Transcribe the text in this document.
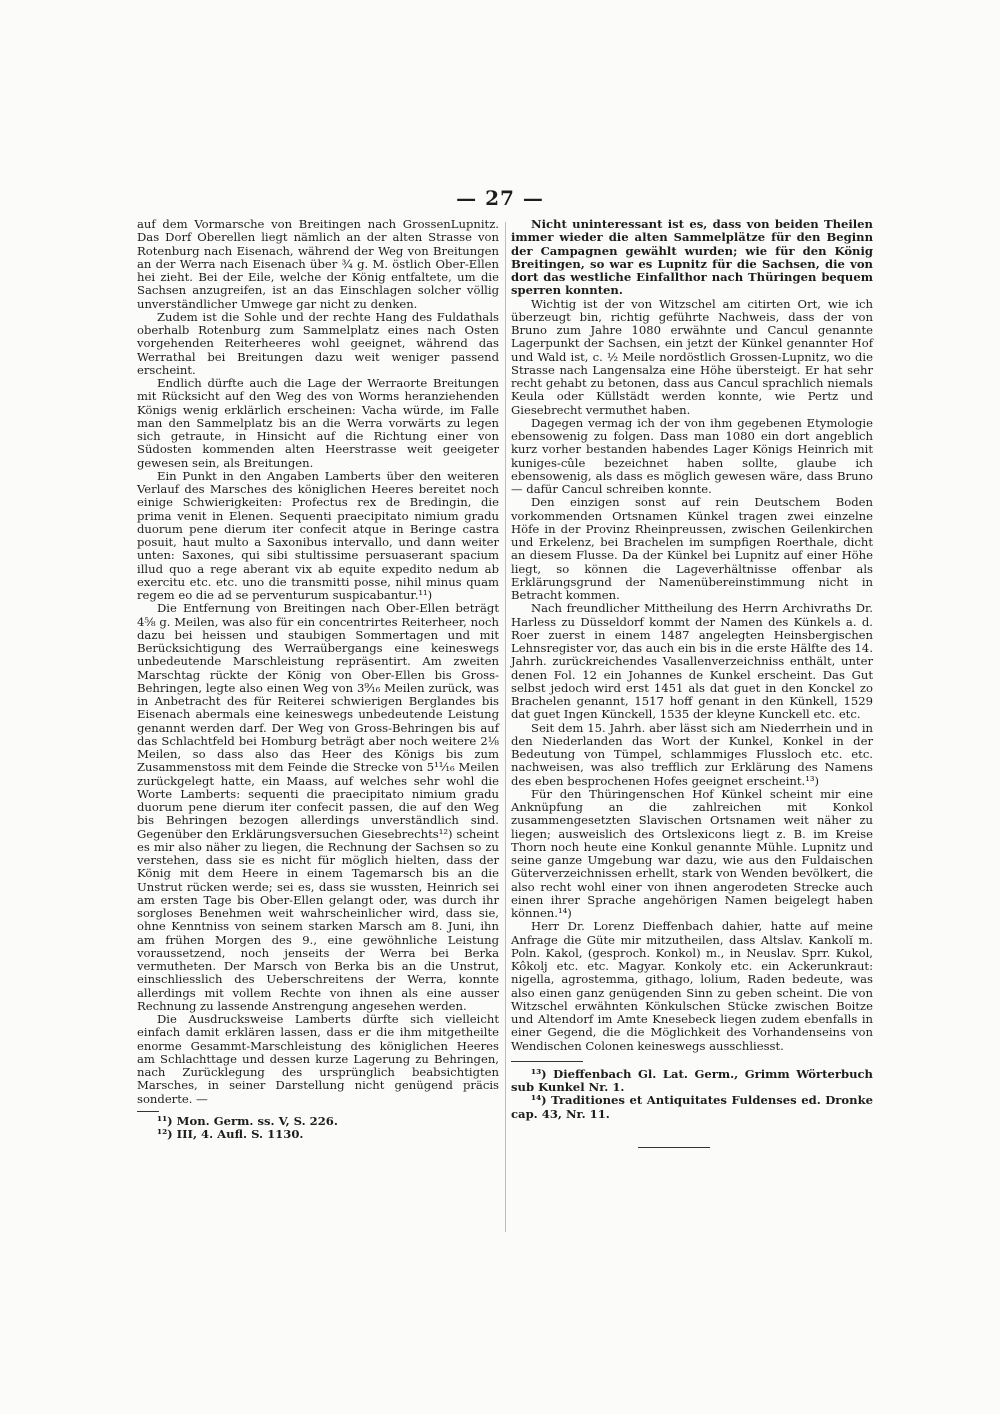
— 27 —

auf dem Vormarsche von Breitingen nach GrossenLupnitz. Das Dorf Oberellen liegt nämlich an der alten Strasse von Rotenburg nach Eisenach, während der Weg von Breitungen an der Werra nach Eisenach über ¾ g. M. östlich Ober-Ellen hei zieht. Bei der Eile, welche der König entfaltete, um die Sachsen anzugreifen, ist an das Einschlagen solcher völlig unverständlicher Umwege gar nicht zu denken.

Zudem ist die Sohle und der rechte Hang des Fuldathals oberhalb Rotenburg zum Sammelplatz eines nach Osten vorgehenden Reiterheeres wohl geeignet, während das Werrathal bei Breitungen dazu weit weniger passend erscheint.

Endlich dürfte auch die Lage der Werraorte Breitungen mit Rücksicht auf den Weg des von Worms heranziehenden Königs wenig erklärlich erscheinen: Vacha würde, im Falle man den Sammelplatz bis an die Werra vorwärts zu legen sich getraute, in Hinsicht auf die Richtung einer von Südosten kommenden alten Heerstrasse weit geeigeter gewesen sein, als Breitungen.

Ein Punkt in den Angaben Lamberts über den weiteren Verlauf des Marsches des königlichen Heeres bereitet noch einige Schwierigkeiten: Profectus rex de Bredingin, die prima venit in Elenen. Sequenti praecipitato nimium gradu duorum pene dierum iter confecit atque in Beringe castra posuit, haut multo a Saxonibus intervallo, und dann weiter unten: Saxones, qui sibi stultissime persuaserant spacium illud quo a rege aberant vix ab equite expedito nedum ab exercitu etc. etc. uno die transmitti posse, nihil minus quam regem eo die ad se perventurum suspicabantur.¹¹)

Die Entfernung von Breitingen nach Ober-Ellen beträgt 4⅝ g. Meilen, was also für ein concentrirtes Reiterheer, noch dazu bei heissen und staubigen Sommertagen und mit Berücksichtigung des Werraübergangs eine keineswegs unbedeutende Marschleistung repräsentirt. Am zweiten Marschtag rückte der König von Ober-Ellen bis Gross-Behringen, legte also einen Weg von 3⁹⁄₁₆ Meilen zurück, was in Anbetracht des für Reiterei schwierigen Berglandes bis Eisenach abermals eine keineswegs unbedeutende Leistung genannt werden darf. Der Weg von Gross-Behringen bis auf das Schlachtfeld bei Homburg beträgt aber noch weitere 2⅛ Meilen, so dass also das Heer des Königs bis zum Zusammenstoss mit dem Feinde die Strecke von 5¹¹⁄₁₆ Meilen zurückgelegt hatte, ein Maass, auf welches sehr wohl die Worte Lamberts: sequenti die praecipitato nimium gradu duorum pene dierum iter confecit passen, die auf den Weg bis Behringen bezogen allerdings unverständlich sind. Gegenüber den Erklärungsversuchen Giesebrechts¹²) scheint es mir also näher zu liegen, die Rechnung der Sachsen so zu verstehen, dass sie es nicht für möglich hielten, dass der König mit dem Heere in einem Tagemarsch bis an die Unstrut rücken werde; sei es, dass sie wussten, Heinrich sei am ersten Tage bis Ober-Ellen gelangt oder, was durch ihr sorgloses Benehmen weit wahrscheinlicher wird, dass sie, ohne Kenntniss von seinem starken Marsch am 8. Juni, ihn am frühen Morgen des 9., eine gewöhnliche Leistung voraussetzend, noch jenseits der Werra bei Berka vermutheten. Der Marsch von Berka bis an die Unstrut, einschliesslich des Ueberschreitens der Werra, konnte allerdings mit vollem Rechte von ihnen als eine ausser Rechnung zu lassende Anstrengung angesehen werden.

Die Ausdrucksweise Lamberts dürfte sich vielleicht einfach damit erklären lassen, dass er die ihm mitgetheilte enorme Gesammt-Marschleistung des königlichen Heeres am Schlachttage und dessen kurze Lagerung zu Behringen, nach Zurücklegung des ursprünglich beabsichtigten Marsches, in seiner Darstellung nicht genügend präcis sonderte. —

¹¹) Mon. Germ. ss. V, S. 226.

¹²) III, 4. Aufl. S. 1130.

Nicht uninteressant ist es, dass von beiden Theilen immer wieder die alten Sammelplätze für den Beginn der Campagnen gewählt wurden; wie für den König Breitingen, so war es Lupnitz für die Sachsen, die von dort das westliche Einfallthor nach Thüringen bequem sperren konnten.

Wichtig ist der von Witzschel am citirten Ort, wie ich überzeugt bin, richtig geführte Nachweis, dass der von Bruno zum Jahre 1080 erwähnte und Cancul genannte Lagerpunkt der Sachsen, ein jetzt der Künkel genannter Hof und Wald ist, c. ½ Meile nordöstlich Grossen-Lupnitz, wo die Strasse nach Langensalza eine Höhe übersteigt. Er hat sehr recht gehabt zu betonen, dass aus Cancul sprachlich niemals Keula oder Küllstädt werden konnte, wie Pertz und Giesebrecht vermuthet haben.

Dagegen vermag ich der von ihm gegebenen Etymologie ebensowenig zu folgen. Dass man 1080 ein dort angeblich kurz vorher bestanden habendes Lager Königs Heinrich mit kuniges-cûle bezeichnet haben sollte, glaube ich ebensowenig, als dass es möglich gewesen wäre, dass Bruno — dafür Cancul schreiben konnte.

Den einzigen sonst auf rein Deutschem Boden vorkommenden Ortsnamen Künkel tragen zwei einzelne Höfe in der Provinz Rheinpreussen, zwischen Geilenkirchen und Erkelenz, bei Brachelen im sumpfigen Roerthale, dicht an diesem Flusse. Da der Künkel bei Lupnitz auf einer Höhe liegt, so können die Lageverhältnisse offenbar als Erklärungsgrund der Namenübereinstimmung nicht in Betracht kommen.

Nach freundlicher Mittheilung des Herrn Archivraths Dr. Harless zu Düsseldorf kommt der Namen des Künkels a. d. Roer zuerst in einem 1487 angelegten Heinsbergischen Lehnsregister vor, das auch ein bis in die erste Hälfte des 14. Jahrh. zurückreichendes Vasallenverzeichniss enthält, unter denen Fol. 12 ein Johannes de Kunkel erscheint. Das Gut selbst jedoch wird erst 1451 als dat guet in den Konckel zo Brachelen genannt, 1517 hoff genant in den Künkell, 1529 dat guet Ingen Künckell, 1535 der kleyne Kunckell etc. etc.

Seit dem 15. Jahrh. aber lässt sich am Niederrhein und in den Niederlanden das Wort der Kunkel, Konkel in der Bedeutung von Tümpel, schlammiges Flussloch etc. etc. nachweisen, was also trefflich zur Erklärung des Namens des eben besprochenen Hofes geeignet erscheint.¹³)

Für den Thüringenschen Hof Künkel scheint mir eine Anknüpfung an die zahlreichen mit Konkol zusammengesetzten Slavischen Ortsnamen weit näher zu liegen; ausweislich des Ortslexicons liegt z. B. im Kreise Thorn noch heute eine Konkul genannte Mühle. Lupnitz und seine ganze Umgebung war dazu, wie aus den Fuldaischen Güterverzeichnissen erhellt, stark von Wenden bevölkert, die also recht wohl einer von ihnen angerodeten Strecke auch einen ihrer Sprache angehörigen Namen beigelegt haben können.¹⁴)

Herr Dr. Lorenz Dieffenbach dahier, hatte auf meine Anfrage die Güte mir mitzutheilen, dass Altslav. Kankolĭ m. Poln. Kakol, (gesproch. Konkol) m., in Neuslav. Sprr. Kukol, Kôkolj etc. etc. Magyar. Konkoly etc. ein Ackerunkraut: nigella, agrostemma, githago, lolium, Raden bedeute, was also einen ganz genügenden Sinn zu geben scheint. Die von Witzschel erwähnten Könkulschen Stücke zwischen Boitze und Altendorf im Amte Knesebeck liegen zudem ebenfalls in einer Gegend, die die Möglichkeit des Vorhandenseins von Wendischen Colonen keineswegs ausschliesst.

¹³) Dieffenbach Gl. Lat. Germ., Grimm Wörterbuch sub Kunkel Nr. 1.

¹⁴) Traditiones et Antiquitates Fuldenses ed. Dronke cap. 43, Nr. 11.
